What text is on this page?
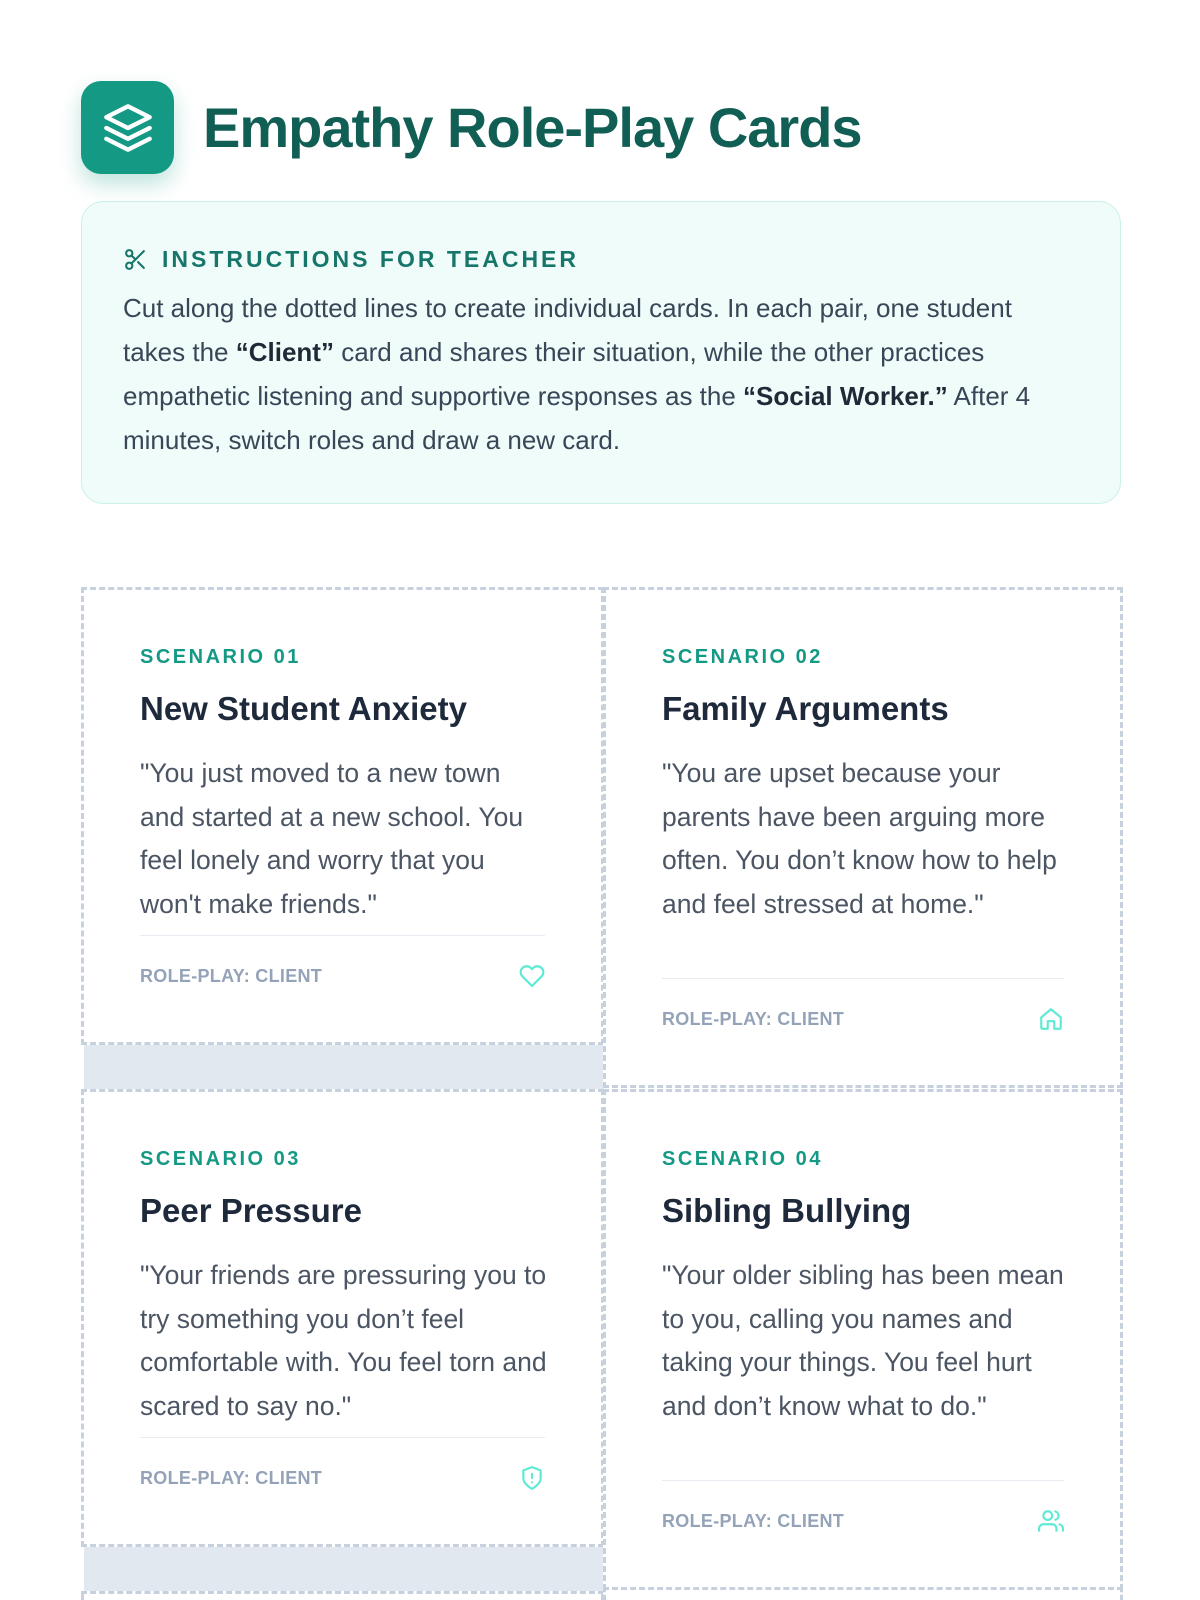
Empathy Role-Play Cards
INSTRUCTIONS FOR TEACHER
Cut along the dotted lines to create individual cards. In each pair, one student takes the “Client” card and shares their situation, while the other practices empathetic listening and supportive responses as the “Social Worker.” After 4 minutes, switch roles and draw a new card.
SCENARIO 01
New Student Anxiety
"You just moved to a new town and started at a new school. You feel lonely and worry that you won't make friends."
ROLE-PLAY: CLIENT
SCENARIO 02
Family Arguments
"You are upset because your parents have been arguing more often. You don’t know how to help and feel stressed at home."
ROLE-PLAY: CLIENT
SCENARIO 03
Peer Pressure
"Your friends are pressuring you to try something you don’t feel comfortable with. You feel torn and scared to say no."
ROLE-PLAY: CLIENT
SCENARIO 04
Sibling Bullying
"Your older sibling has been mean to you, calling you names and taking your things. You feel hurt and don’t know what to do."
ROLE-PLAY: CLIENT
